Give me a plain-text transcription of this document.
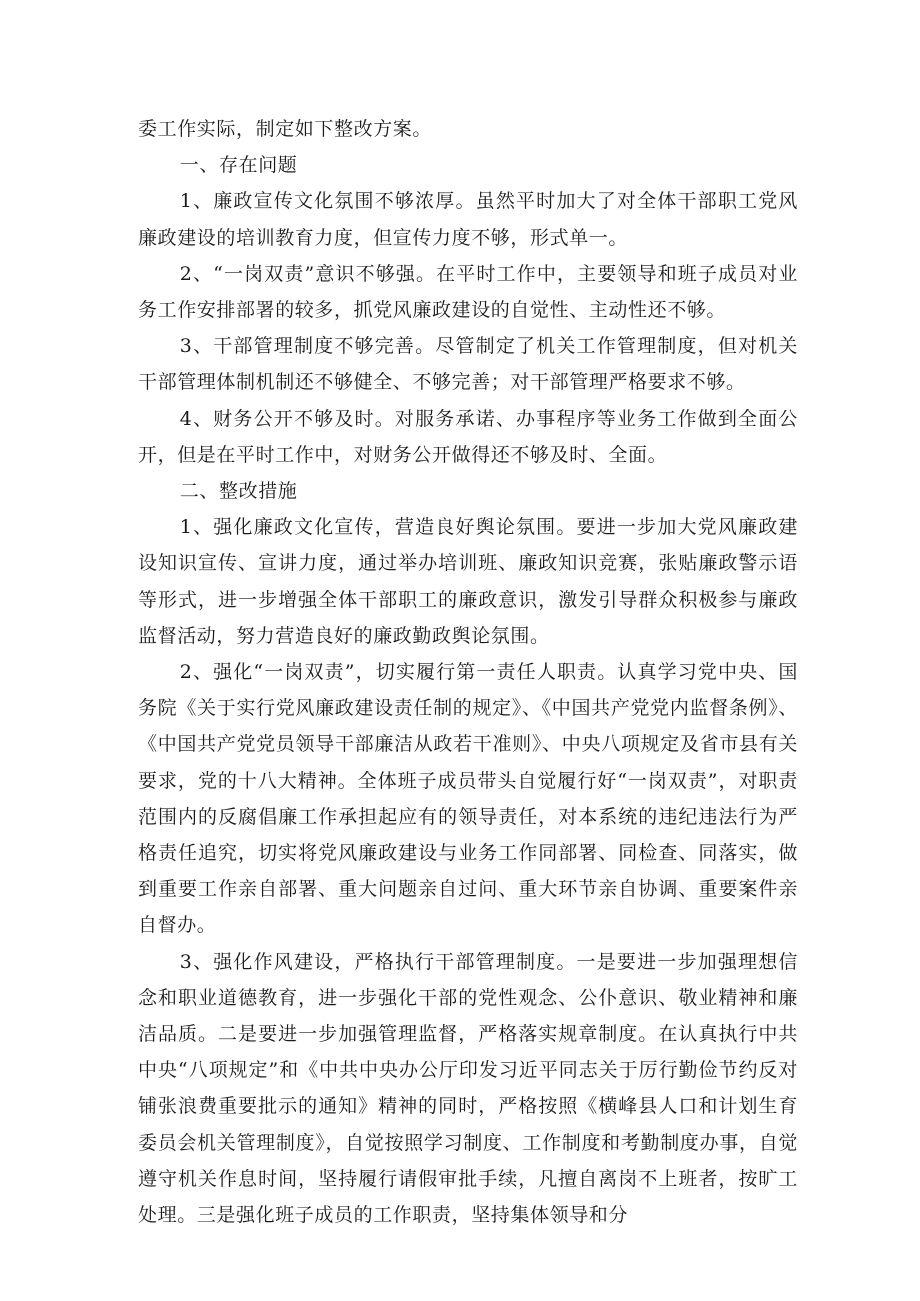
委工作实际，制定如下整改方案。

一、存在问题

1、廉政宣传文化氛围不够浓厚。虽然平时加大了对全体干部职工党风廉政建设的培训教育力度，但宣传力度不够，形式单一。

2、“一岗双责”意识不够强。在平时工作中，主要领导和班子成员对业务工作安排部署的较多，抓党风廉政建设的自觉性、主动性还不够。

3、干部管理制度不够完善。尽管制定了机关工作管理制度，但对机关干部管理体制机制还不够健全、不够完善；对干部管理严格要求不够。

4、财务公开不够及时。对服务承诺、办事程序等业务工作做到全面公开，但是在平时工作中，对财务公开做得还不够及时、全面。

二、整改措施

1、强化廉政文化宣传，营造良好舆论氛围。要进一步加大党风廉政建设知识宣传、宣讲力度，通过举办培训班、廉政知识竞赛，张贴廉政警示语等形式，进一步增强全体干部职工的廉政意识，激发引导群众积极参与廉政监督活动，努力营造良好的廉政勤政舆论氛围。

2、强化“一岗双责”，切实履行第一责任人职责。认真学习党中央、国务院《关于实行党风廉政建设责任制的规定》、《中国共产党党内监督条例》、《中国共产党党员领导干部廉洁从政若干准则》、中央八项规定及省市县有关要求，党的十八大精神。全体班子成员带头自觉履行好“一岗双责”，对职责范围内的反腐倡廉工作承担起应有的领导责任，对本系统的违纪违法行为严格责任追究，切实将党风廉政建设与业务工作同部署、同检查、同落实，做到重要工作亲自部署、重大问题亲自过问、重大环节亲自协调、重要案件亲自督办。

3、强化作风建设，严格执行干部管理制度。一是要进一步加强理想信念和职业道德教育，进一步强化干部的党性观念、公仆意识、敬业精神和廉洁品质。二是要进一步加强管理监督，严格落实规章制度。在认真执行中共中央“八项规定”和《中共中央办公厅印发习近平同志关于厉行勤俭节约反对铺张浪费重要批示的通知》精神的同时，严格按照《横峰县人口和计划生育委员会机关管理制度》，自觉按照学习制度、工作制度和考勤制度办事，自觉遵守机关作息时间，坚持履行请假审批手续，凡擅自离岗不上班者，按旷工处理。三是强化班子成员的工作职责，坚持集体领导和分
